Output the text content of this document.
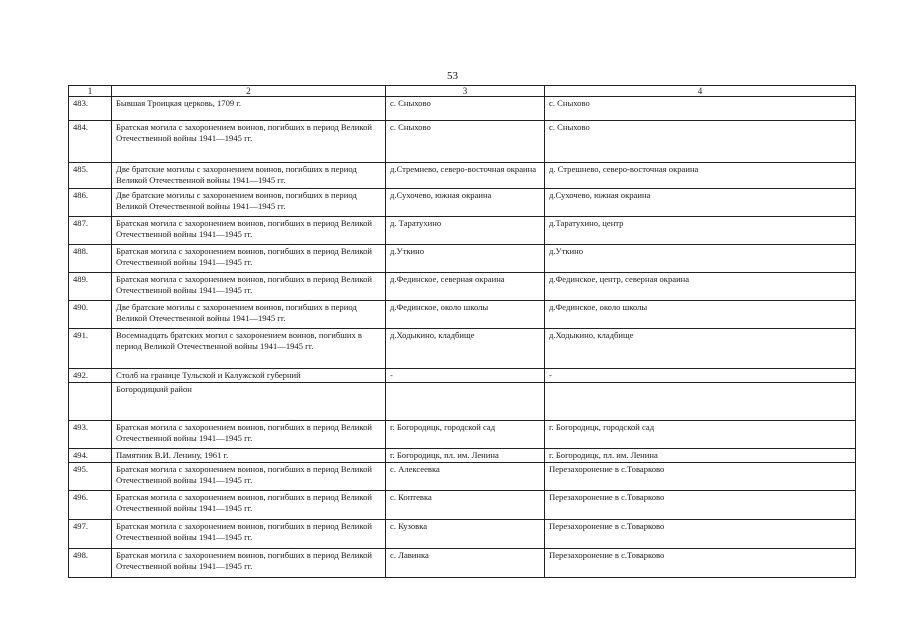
53
1	2	3	4
483.	Бывшая Троицкая церковь, 1709 г.	с. Сныхово	с. Сныхово
484.	Братская могила с захоронением воинов, погибших в период Великой Отечественной войны 1941—1945 гг.	с. Сныхово	с. Сныхово
485.	Две братские могилы с захоронением воинов, погибших в период Великой Отечественной войны 1941—1945 гг.	д.Стремнево, северо-восточная окраина	д. Стрешнево, северо-восточная окраина
486.	Две братские могилы с захоронением воинов, погибших в период Великой Отечественной войны 1941—1945 гг.	д.Сухочево, южная окраина	д.Сухочево, южная окраина
487.	Братская могила с захоронением воинов, погибших в период Великой Отечественной войны 1941—1945 гг.	д. Таратухино	д.Таратухино, центр
488.	Братская могила с захоронением воинов, погибших в период Великой Отечественной войны 1941—1945 гг.	д.Уткино	д.Уткино
489.	Братская могила с захоронением воинов, погибших в период Великой Отечественной войны 1941—1945 гг.	д.Фединское, северная окраина	д.Фединское, центр, северная окраина
490.	Две братские могилы с захоронением воинов, погибших в период Великой Отечественной войны 1941—1945 гг.	д.Фединское, около школы	д.Фединское, около школы
491.	Восемнадцать братских могил с захоронением воинов, погибших в период Великой Отечественной войны 1941—1945 гг.	д.Ходыкино, кладбище	д.Ходыкино, кладбище
492.	Столб на границе Тульской и Калужской губерний	-	-
	Богородицкий район		
493.	Братская могила с захоронением воинов, погибших в период Великой Отечественной войны 1941—1945 гг.	г. Богородицк, городской сад	г. Богородицк, городской сад
494.	Памятник В.И. Ленину, 1961 г.	г. Богородицк, пл. им. Ленина	г. Богородицк, пл. им. Ленина
495.	Братская могила с захоронением воинов, погибших в период Великой Отечественной войны 1941—1945 гг.	с. Алексеевка	Перезахоронение в с.Товарково
496.	Братская могила с захоронением воинов, погибших в период Великой Отечественной войны 1941—1945 гг.	с. Коптевка	Перезахоронение в с.Товарково
497.	Братская могила с захоронением воинов, погибших в период Великой Отечественной войны 1941—1945 гг.	с. Кузовка	Перезахоронение в с.Товарково
498.	Братская могила с захоронением воинов, погибших в период Великой Отечественной войны 1941—1945 гг.	с. Лавинка	Перезахоронение в с.Товарково
